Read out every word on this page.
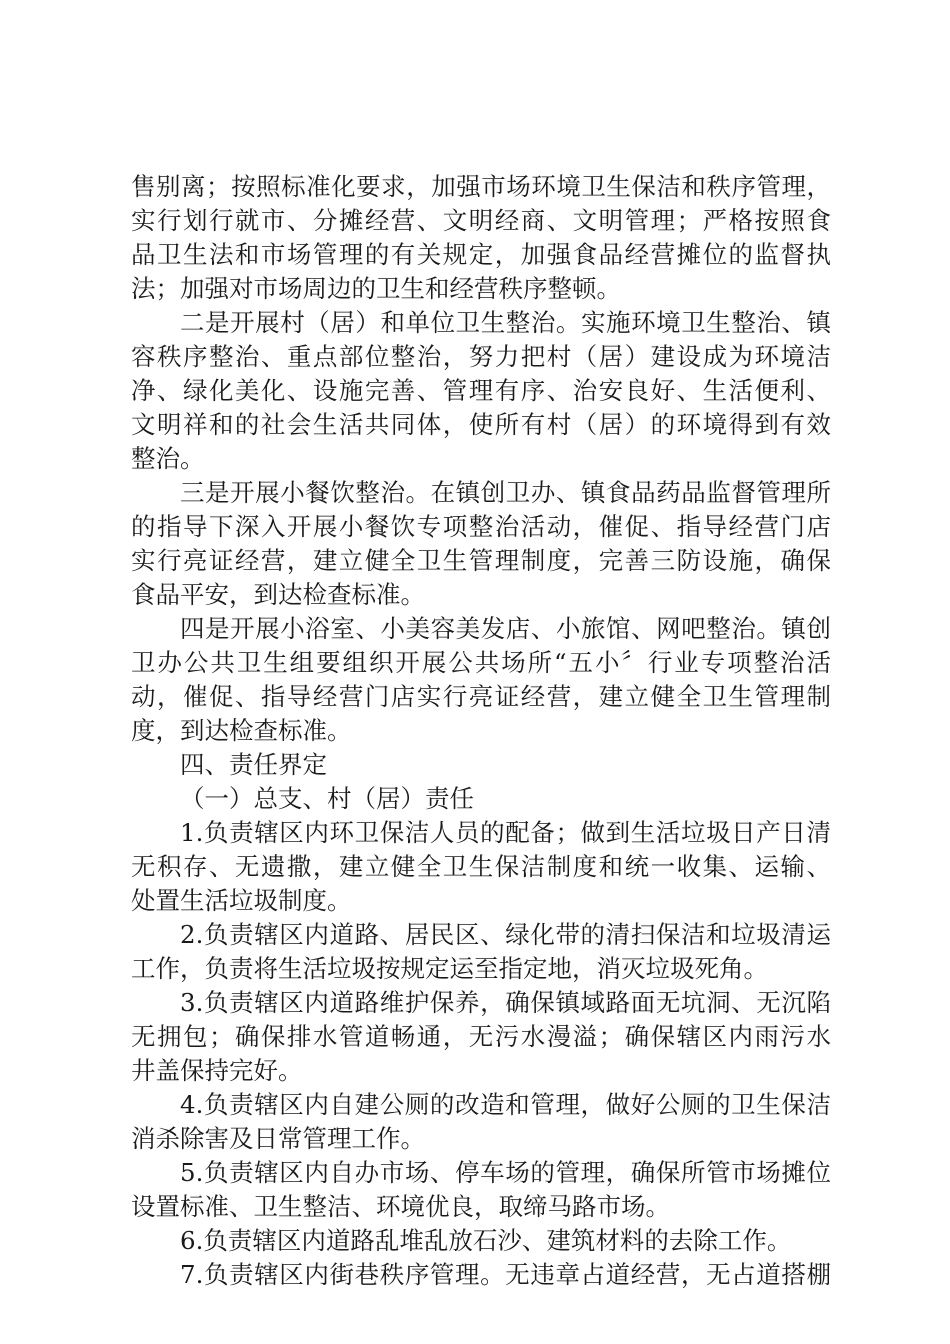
售别离；按照标准化要求，加强市场环境卫生保洁和秩序管理，
实行划行就市、分摊经营、文明经商、文明管理；严格按照食
品卫生法和市场管理的有关规定，加强食品经营摊位的监督执
法；加强对市场周边的卫生和经营秩序整顿。
二是开展村（居）和单位卫生整治。实施环境卫生整治、镇
容秩序整治、重点部位整治，努力把村（居）建设成为环境洁
净、绿化美化、设施完善、管理有序、治安良好、生活便利、
文明祥和的社会生活共同体，使所有村（居）的环境得到有效
整治。
三是开展小餐饮整治。在镇创卫办、镇食品药品监督管理所
的指导下深入开展小餐饮专项整治活动，催促、指导经营门店
实行亮证经营，建立健全卫生管理制度，完善三防设施，确保
食品平安，到达检查标准。
四是开展小浴室、小美容美发店、小旅馆、网吧整治。镇创
卫办公共卫生组要组织开展公共场所“五小〞行业专项整治活
动，催促、指导经营门店实行亮证经营，建立健全卫生管理制
度，到达检查标准。
四、责任界定
（一）总支、村（居）责任
1.负责辖区内环卫保洁人员的配备；做到生活垃圾日产日清
无积存、无遗撒，建立健全卫生保洁制度和统一收集、运输、
处置生活垃圾制度。
2.负责辖区内道路、居民区、绿化带的清扫保洁和垃圾清运
工作，负责将生活垃圾按规定运至指定地，消灭垃圾死角。
3.负责辖区内道路维护保养，确保镇域路面无坑洞、无沉陷
无拥包；确保排水管道畅通，无污水漫溢；确保辖区内雨污水
井盖保持完好。
4.负责辖区内自建公厕的改造和管理，做好公厕的卫生保洁
消杀除害及日常管理工作。
5.负责辖区内自办市场、停车场的管理，确保所管市场摊位
设置标准、卫生整洁、环境优良，取缔马路市场。
6.负责辖区内道路乱堆乱放石沙、建筑材料的去除工作。
7.负责辖区内街巷秩序管理。无违章占道经营，无占道搭棚
